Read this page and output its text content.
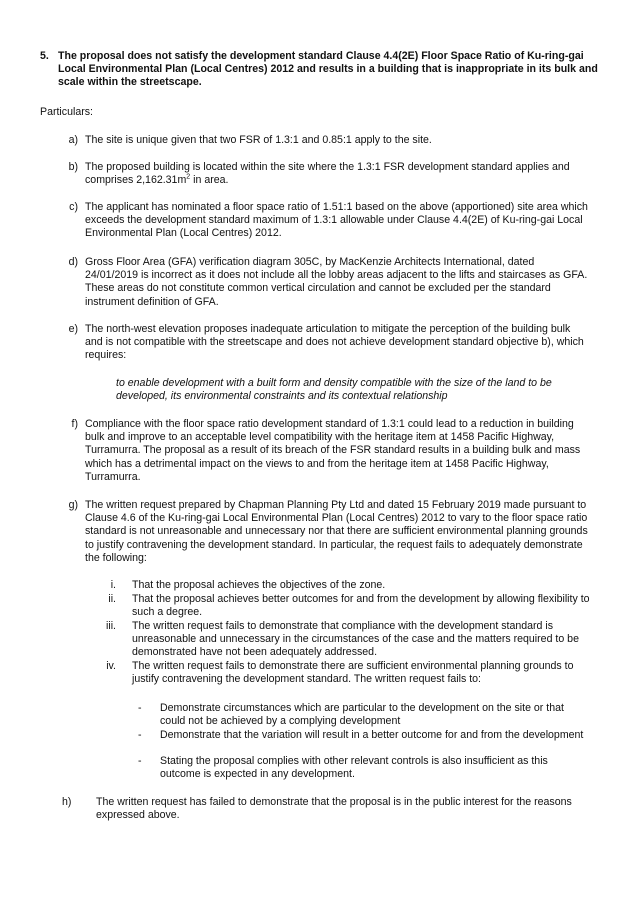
5. The proposal does not satisfy the development standard Clause 4.4(2E) Floor Space Ratio of Ku-ring-gai Local Environmental Plan (Local Centres) 2012 and results in a building that is inappropriate in its bulk and scale within the streetscape.
Particulars:
a) The site is unique given that two FSR of 1.3:1 and 0.85:1 apply to the site.
b) The proposed building is located within the site where the 1.3:1 FSR development standard applies and comprises $2,162.31m^2$ in area.
c) The applicant has nominated a floor space ratio of 1.51:1 based on the above (apportioned) site area which exceeds the development standard maximum of 1.3:1 allowable under Clause 4.4(2E) of Ku-ring-gai Local Environmental Plan (Local Centres) 2012.
d) Gross Floor Area (GFA) verification diagram 305C, by MacKenzie Architects International, dated 24/01/2019 is incorrect as it does not include all the lobby areas adjacent to the lifts and staircases as GFA. These areas do not constitute common vertical circulation and cannot be excluded per the standard instrument definition of GFA.
e) The north-west elevation proposes inadequate articulation to mitigate the perception of the building bulk and is not compatible with the streetscape and does not achieve development standard objective b), which requires:
to enable development with a built form and density compatible with the size of the land to be developed, its environmental constraints and its contextual relationship
f) Compliance with the floor space ratio development standard of 1.3:1 could lead to a reduction in building bulk and improve to an acceptable level compatibility with the heritage item at 1458 Pacific Highway, Turramurra. The proposal as a result of its breach of the FSR standard results in a building bulk and mass which has a detrimental impact on the views to and from the heritage item at 1458 Pacific Highway, Turramurra.
g) The written request prepared by Chapman Planning Pty Ltd and dated 15 February 2019 made pursuant to Clause 4.6 of the Ku-ring-gai Local Environmental Plan (Local Centres) 2012 to vary to the floor space ratio standard is not unreasonable and unnecessary nor that there are sufficient environmental planning grounds to justify contravening the development standard. In particular, the request fails to adequately demonstrate the following:
i. That the proposal achieves the objectives of the zone.
ii. That the proposal achieves better outcomes for and from the development by allowing flexibility to such a degree.
iii. The written request fails to demonstrate that compliance with the development standard is unreasonable and unnecessary in the circumstances of the case and the matters required to be demonstrated have not been adequately addressed.
iv. The written request fails to demonstrate there are sufficient environmental planning grounds to justify contravening the development standard. The written request fails to:
- Demonstrate circumstances which are particular to the development on the site or that could not be achieved by a complying development
- Demonstrate that the variation will result in a better outcome for and from the development
- Stating the proposal complies with other relevant controls is also insufficient as this outcome is expected in any development.
h)	The written request has failed to demonstrate that the proposal is in the public interest for the reasons expressed above.
